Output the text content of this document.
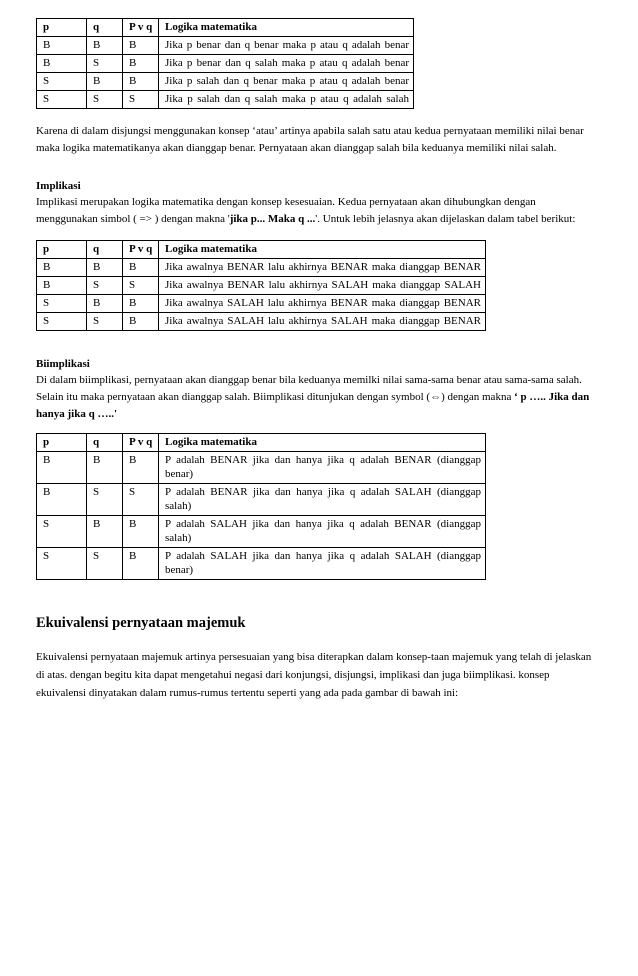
p	q	P v q	Logika matematika
B	B	B	Jika p benar dan q benar maka p atau q adalah benar
B	S	B	Jika p benar dan q salah maka p atau q adalah benar
S	B	B	Jika p salah dan q benar maka p atau q adalah benar
S	S	S	Jika p salah dan q salah maka p atau q adalah salah

Karena di dalam disjungsi menggunakan konsep ‘atau’ artinya apabila salah satu atau kedua pernyataan memiliki nilai benar maka logika matematikanya akan dianggap benar. Pernyataan akan dianggap salah bila keduanya memiliki nilai salah.

Implikasi

Implikasi merupakan logika matematika dengan konsep kesesuaian. Kedua pernyataan akan dihubungkan dengan menggunakan simbol ( => ) dengan makna 'jika p... Maka q ...'. Untuk lebih jelasnya akan dijelaskan dalam tabel berikut:

p	q	P v q	Logika matematika
B	B	B	Jika awalnya BENAR lalu akhirnya BENAR maka dianggap BENAR
B	S	S	Jika awalnya BENAR lalu akhirnya SALAH maka dianggap SALAH
S	B	B	Jika awalnya SALAH lalu akhirnya BENAR maka dianggap BENAR
S	S	B	Jika awalnya SALAH lalu akhirnya SALAH maka dianggap BENAR

Biimplikasi

Di dalam biimplikasi, pernyataan akan dianggap benar bila keduanya memilki nilai sama-sama benar atau sama-sama salah. Selain itu maka pernyataan akan dianggap salah. Biimplikasi ditunjukan dengan symbol (⇔) dengan makna ‘ p ….. Jika dan hanya jika q …..'

p	q	P v q	Logika matematika
B	B	B	P adalah BENAR jika dan hanya jika q adalah BENAR (dianggap benar)
B	S	S	P adalah BENAR jika dan hanya jika q adalah SALAH (dianggap salah)
S	B	B	P adalah SALAH jika dan hanya jika q adalah BENAR (dianggap salah)
S	S	B	P adalah SALAH jika dan hanya jika q adalah SALAH (dianggap benar)

Ekuivalensi pernyataan majemuk

Ekuivalensi pernyataan majemuk artinya persesuaian yang bisa diterapkan dalam konsep-taan majemuk yang telah di jelaskan di atas. dengan begitu kita dapat mengetahui negasi dari konjungsi, disjungsi, implikasi dan juga biimplikasi. konsep ekuivalensi dinyatakan dalam rumus-rumus tertentu seperti yang ada pada gambar di bawah ini:
